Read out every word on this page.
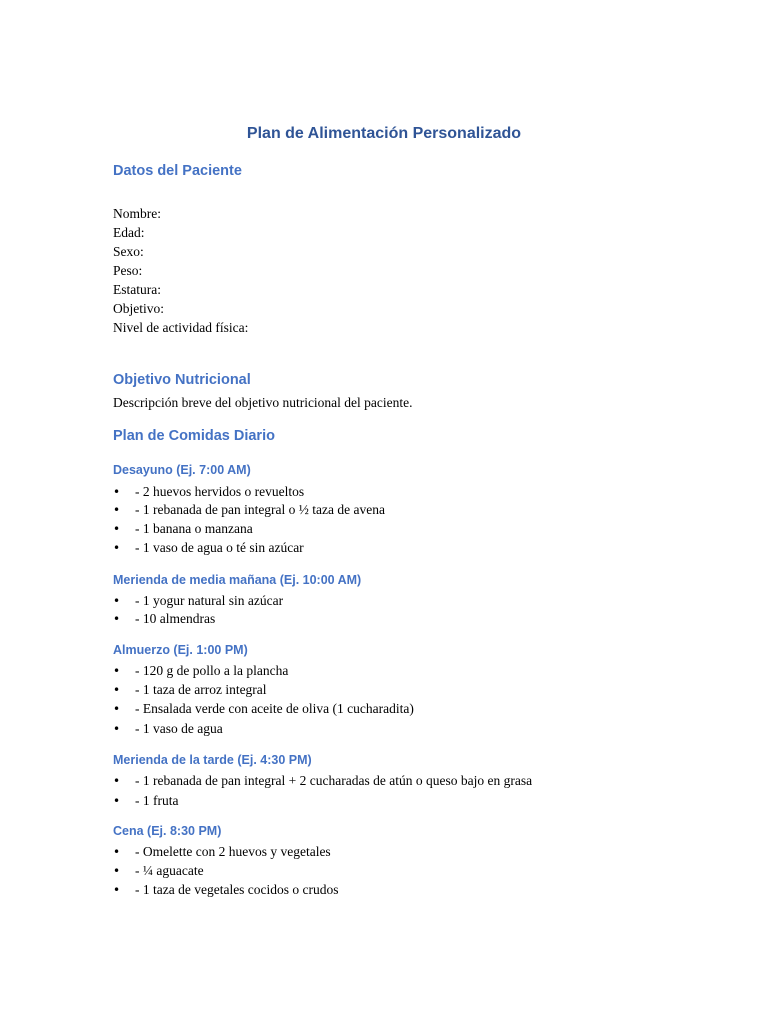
Plan de Alimentación Personalizado
Datos del Paciente
Nombre:
Edad:
Sexo:
Peso:
Estatura:
Objetivo:
Nivel de actividad física:
Objetivo Nutricional
Descripción breve del objetivo nutricional del paciente.
Plan de Comidas Diario
Desayuno (Ej. 7:00 AM)
•	- 2 huevos hervidos o revueltos
•	- 1 rebanada de pan integral o ½ taza de avena
•	- 1 banana o manzana
•	- 1 vaso de agua o té sin azúcar
Merienda de media mañana (Ej. 10:00 AM)
•	- 1 yogur natural sin azúcar
•	- 10 almendras
Almuerzo (Ej. 1:00 PM)
•	- 120 g de pollo a la plancha
•	- 1 taza de arroz integral
•	- Ensalada verde con aceite de oliva (1 cucharadita)
•	- 1 vaso de agua
Merienda de la tarde (Ej. 4:30 PM)
•	- 1 rebanada de pan integral + 2 cucharadas de atún o queso bajo en grasa
•	- 1 fruta
Cena (Ej. 8:30 PM)
•	- Omelette con 2 huevos y vegetales
•	- ¼ aguacate
•	- 1 taza de vegetales cocidos o crudos
